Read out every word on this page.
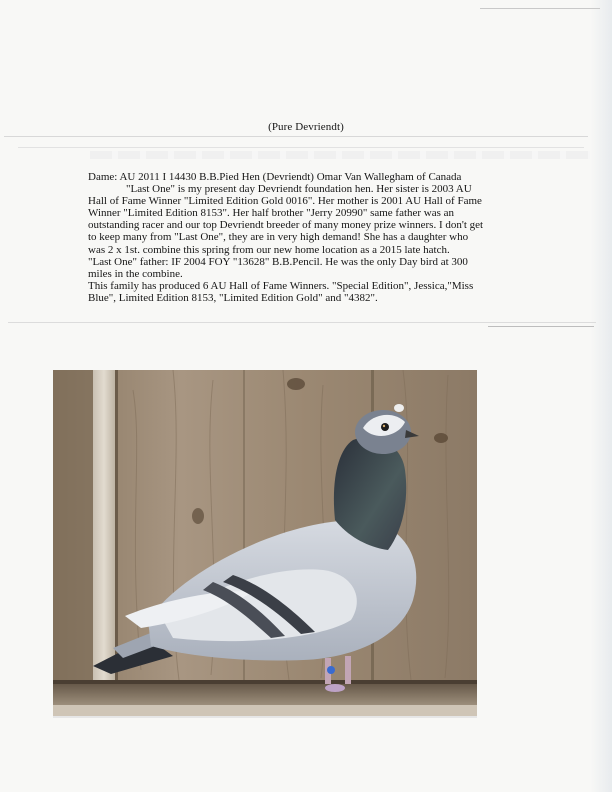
(Pure Devriendt)

Dame: AU 2011 I 14430 B.B.Pied Hen (Devriendt) Omar Van Wallegham of Canada

"Last One" is my present day Devriendt foundation hen. Her sister is 2003 AU

Hall of Fame Winner "Limited Edition Gold 0016". Her mother is 2001 AU Hall of Fame

Winner "Limited Edition 8153". Her half brother "Jerry 20990" same father was an

outstanding racer and our top Devriendt breeder of many money prize winners. I don't get

to keep many from "Last One", they are in very high demand! She has a daughter who

was 2 x 1st. combine this spring from our new home location as a 2015 late hatch.

"Last One" father: IF 2004 FOY "13628" B.B.Pencil. He was the only Day bird at 300

miles in the combine.

This family has produced 6 AU Hall of Fame Winners. "Special Edition", Jessica,"Miss

Blue", Limited Edition 8153, "Limited Edition Gold" and "4382".
